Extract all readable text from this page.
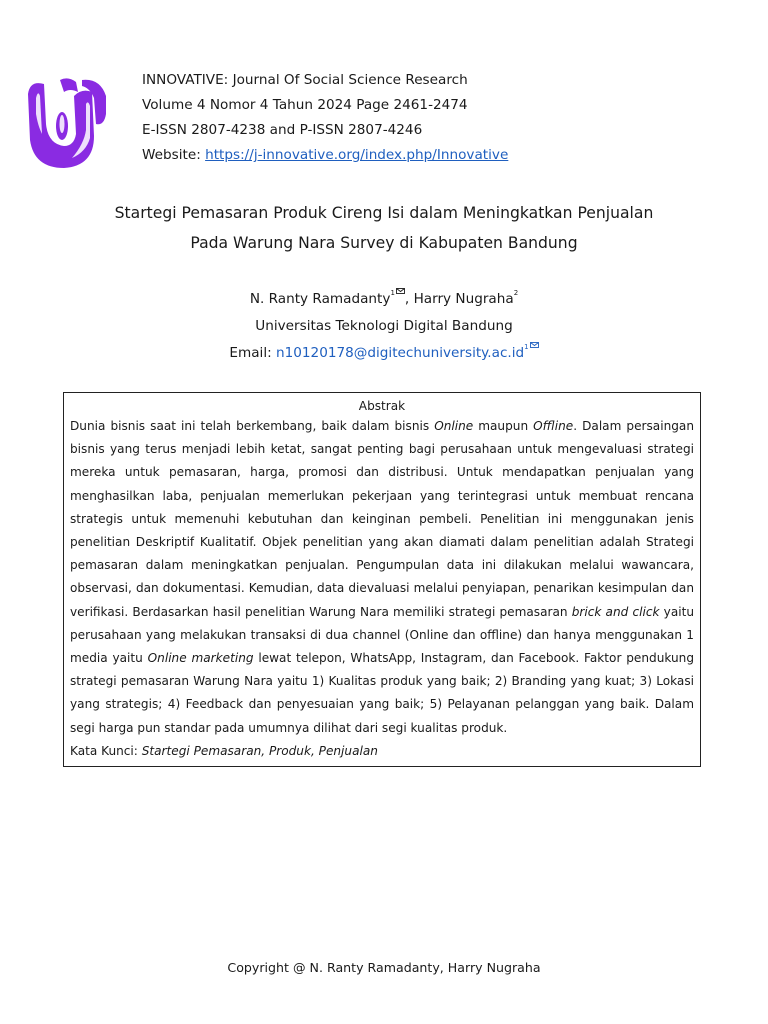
INNOVATIVE: Journal Of Social Science Research
Volume 4 Nomor 4 Tahun 2024 Page 2461-2474
E-ISSN 2807-4238 and P-ISSN 2807-4246
Website: https://j-innovative.org/index.php/Innovative
Startegi Pemasaran Produk Cireng Isi dalam Meningkatkan Penjualan
Pada Warung Nara Survey di Kabupaten Bandung
N. Ranty Ramadanty$^1$ , Harry Nugraha$^2$
Universitas Teknologi Digital Bandung
Email: $n10120178@digitechuniversity.ac.id^1$
Abstrak
Dunia bisnis saat ini telah berkembang, baik dalam bisnis Online maupun Offline. Dalam persaingan bisnis yang terus menjadi lebih ketat, sangat penting bagi perusahaan untuk mengevaluasi strategi mereka untuk pemasaran, harga, promosi dan distribusi. Untuk mendapatkan penjualan yang menghasilkan laba, penjualan memerlukan pekerjaan yang terintegrasi untuk membuat rencana strategis untuk memenuhi kebutuhan dan keinginan pembeli. Penelitian ini menggunakan jenis penelitian Deskriptif Kualitatif. Objek penelitian yang akan diamati dalam penelitian adalah Strategi pemasaran dalam meningkatkan penjualan. Pengumpulan data ini dilakukan melalui wawancara, observasi, dan dokumentasi. Kemudian, data dievaluasi melalui penyiapan, penarikan kesimpulan dan verifikasi. Berdasarkan hasil penelitian Warung Nara memiliki strategi pemasaran brick and click yaitu perusahaan yang melakukan transaksi di dua channel (Online dan offline) dan hanya menggunakan 1 media yaitu Online marketing lewat telepon, WhatsApp, Instagram, dan Facebook. Faktor pendukung strategi pemasaran Warung Nara yaitu 1) Kualitas produk yang baik; 2) Branding yang kuat; 3) Lokasi yang strategis; 4) Feedback dan penyesuaian yang baik; 5) Pelayanan pelanggan yang baik. Dalam segi harga pun standar pada umumnya dilihat dari segi kualitas produk.
Kata Kunci: Startegi Pemasaran, Produk, Penjualan
Copyright @ N. Ranty Ramadanty, Harry Nugraha
